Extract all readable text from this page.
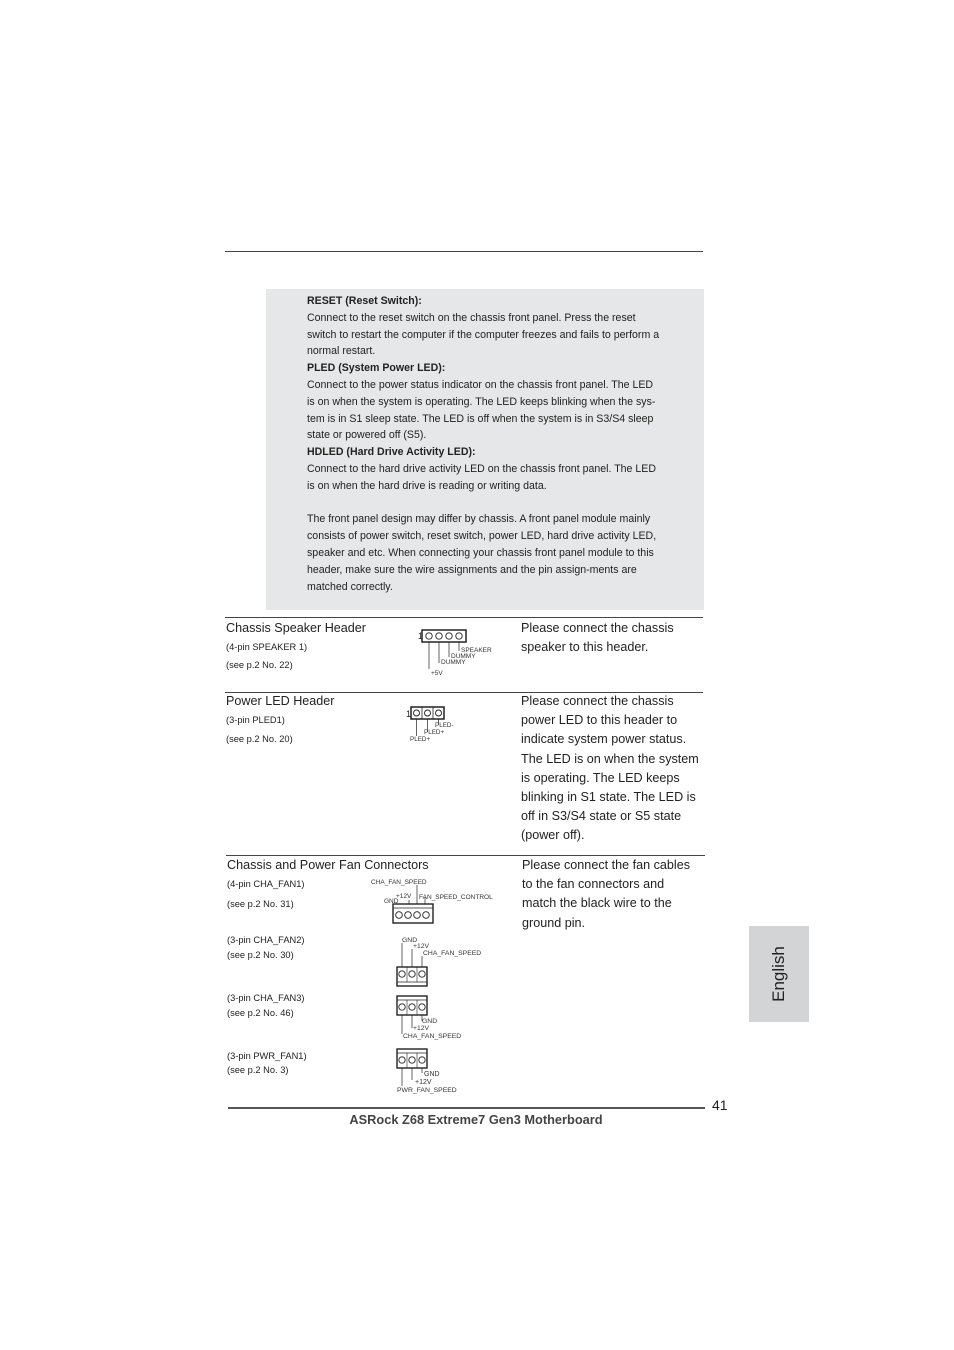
RESET (Reset Switch):
Connect to the reset switch on the chassis front panel. Press the reset
switch to restart the computer if the computer freezes and fails to perform a
normal restart.
PLED (System Power LED):
Connect to the power status indicator on the chassis front panel. The LED
is on when the system is operating. The LED keeps blinking when the sys-
tem is in S1 sleep state. The LED is off when the system is in S3/S4 sleep
state or powered off (S5).
HDLED (Hard Drive Activity LED):
Connect to the hard drive activity LED on the chassis front panel. The LED
is on when the hard drive is reading or writing data.
The front panel design may differ by chassis. A front panel module mainly
consists of power switch, reset switch, power LED, hard drive activity LED,
speaker and etc. When connecting your chassis front panel module to this
header, make sure the wire assignments and the pin assign-ments are
matched correctly.
Chassis Speaker Header
(4-pin SPEAKER 1)
(see p.2 No. 22)
1
SPEAKER
DUMMY
DUMMY
+5V
Please connect the chassis
speaker to this header.
Power LED Header
(3-pin PLED1)
(see p.2 No. 20)
1
PLED-
PLED+
PLED+
Please connect the chassis
power LED to this header to
indicate system power status.
The LED is on when the system
is operating. The LED keeps
blinking in S1 state. The LED is
off in S3/S4 state or S5 state
(power off).
Chassis and Power Fan Connectors
(4-pin CHA_FAN1)
(see p.2 No. 31)
(3-pin CHA_FAN2)
(see p.2 No. 30)
(3-pin CHA_FAN3)
(see p.2 No. 46)
(3-pin PWR_FAN1)
(see p.2 No. 3)
CHA_FAN_SPEED
+12V
GND
FAN_SPEED_CONTROL
GND
+12V
CHA_FAN_SPEED
GND
+12V
CHA_FAN_SPEED
GND
+12V
PWR_FAN_SPEED
Please connect the fan cables
to the fan connectors and
match the black wire to the
ground pin.
English
41
ASRock Z68 Extreme7 Gen3 Motherboard
